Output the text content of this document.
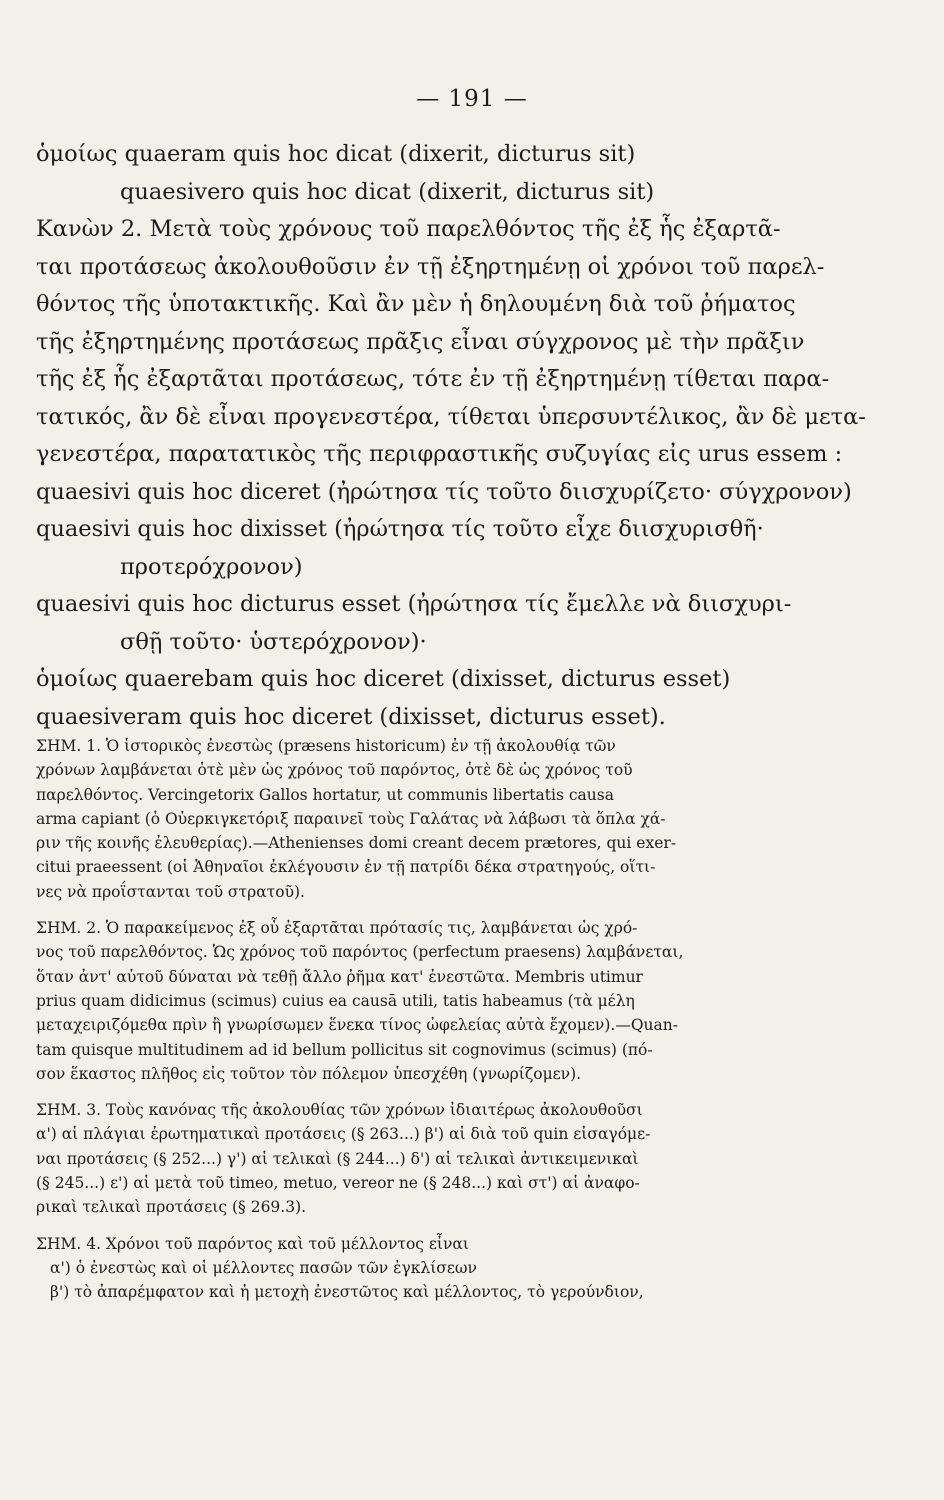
— 191 —
ὁμοίως quaeram quis hoc dicat (dixerit, dicturus sit)
quaesivero quis hoc dicat (dixerit, dicturus sit)
Κανὼν 2. Μετὰ τοὺς χρόνους τοῦ παρελθόντος τῆς ἐξ ἧς ἐξαρτᾶ-
ται προτάσεως ἀκολουθοῦσιν ἐν τῇ ἐξηρτημένῃ οἱ χρόνοι τοῦ παρελ-
θόντος τῆς ὑποτακτικῆς. Καὶ ἂν μὲν ἡ δηλουμένη διὰ τοῦ ῥήματος
τῆς ἐξηρτημένης προτάσεως πρᾶξις εἶναι σύγχρονος μὲ τὴν πρᾶξιν
τῆς ἐξ ἧς ἐξαρτᾶται προτάσεως, τότε ἐν τῇ ἐξηρτημένῃ τίθεται παρα-
τατικός, ἂν δὲ εἶναι προγενεστέρα, τίθεται ὑπερσυντέλικος, ἂν δὲ μετα-
γενεστέρα, παρατατικὸς τῆς περιφραστικῆς συζυγίας εἰς urus essem :
quaesivi quis hoc diceret (ἠρώτησα τίς τοῦτο διισχυρίζετο· σύγχρονον)
quaesivi quis hoc dixisset (ἠρώτησα τίς τοῦτο εἶχε διισχυρισθῆ·
προτερόχρονον)
quaesivi quis hoc dicturus esset (ἠρώτησα τίς ἔμελλε νὰ διισχυρι-
σθῇ τοῦτο· ὑστερόχρονον)·
ὁμοίως quaerebam quis hoc diceret (dixisset, dicturus esset)
quaesiveram quis hoc diceret (dixisset, dicturus esset).
ΣΗΜ. 1. Ὁ ἱστορικὸς ἐνεστὼς (præsens historicum) ἐν τῇ ἀκολουθίᾳ τῶν
χρόνων λαμβάνεται ὁτὲ μὲν ὡς χρόνος τοῦ παρόντος, ὁτὲ δὲ ὡς χρόνος τοῦ
παρελθόντος. Vercingetorix Gallos hortatur, ut communis libertatis causa
arma capiant (ὁ Οὐερκιγκετόριξ παραινεῖ τοὺς Γαλάτας νὰ λάβωσι τὰ ὅπλα χά-
ριν τῆς κοινῆς ἐλευθερίας).—Athenienses domi creant decem prætores, qui exer-
citui praeessent (οἱ Ἀθηναῖοι ἐκλέγουσιν ἐν τῇ πατρίδι δέκα στρατηγούς, οἵτι-
νες νὰ προΐστανται τοῦ στρατοῦ).
ΣΗΜ. 2. Ὁ παρακείμενος ἐξ οὗ ἐξαρτᾶται πρότασίς τις, λαμβάνεται ὡς χρό-
νος τοῦ παρελθόντος. Ὡς χρόνος τοῦ παρόντος (perfectum praesens) λαμβάνεται,
ὅταν ἀντ' αὐτοῦ δύναται νὰ τεθῇ ἄλλο ῥῆμα κατ' ἐνεστῶτα. Membris utimur
prius quam didicimus (scimus) cuius ea causā utili, tatis habeamus (τὰ μέλη
μεταχειριζόμεθα πρὶν ἢ γνωρίσωμεν ἕνεκα τίνος ὠφελείας αὐτὰ ἔχομεν).—Quan-
tam quisque multitudinem ad id bellum pollicitus sit cognovimus (scimus) (πό-
σον ἕκαστος πλῆθος εἰς τοῦτον τὸν πόλεμον ὑπεσχέθη (γνωρίζομεν).
ΣΗΜ. 3. Τοὺς κανόνας τῆς ἀκολουθίας τῶν χρόνων ἰδιαιτέρως ἀκολουθοῦσι
α') αἱ πλάγιαι ἐρωτηματικαὶ προτάσεις (§ 263...) β') αἱ διὰ τοῦ quin εἰσαγόμε-
ναι προτάσεις (§ 252...) γ') αἱ τελικαὶ (§ 244...) δ') αἱ τελικαὶ ἀντικειμενικαὶ
(§ 245...) ε') αἱ μετὰ τοῦ timeo, metuo, vereor ne (§ 248...) καὶ στ') αἱ ἀναφο-
ρικαὶ τελικαὶ προτάσεις (§ 269.3).
ΣΗΜ. 4. Χρόνοι τοῦ παρόντος καὶ τοῦ μέλλοντος εἶναι
α') ὁ ἐνεστὼς καὶ οἱ μέλλοντες πασῶν τῶν ἐγκλίσεων
β') τὸ ἀπαρέμφατον καὶ ἡ μετοχὴ ἐνεστῶτος καὶ μέλλοντος, τὸ γερούνδιον,
